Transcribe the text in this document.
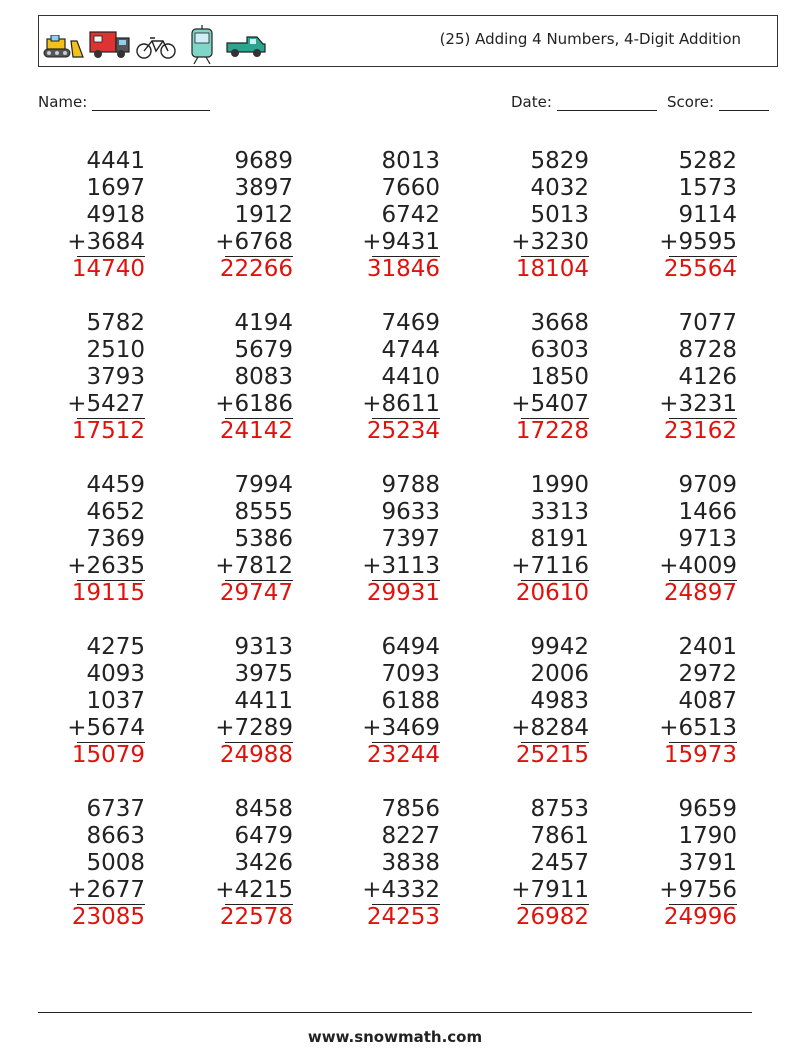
(25) Adding 4 Numbers, 4-Digit Addition
Name:	Date:	Score:
4441
1697
4918
+3684
14740
9689
3897
1912
+6768
22266
8013
7660
6742
+9431
31846
5829
4032
5013
+3230
18104
5282
1573
9114
+9595
25564
5782
2510
3793
+5427
17512
4194
5679
8083
+6186
24142
7469
4744
4410
+8611
25234
3668
6303
1850
+5407
17228
7077
8728
4126
+3231
23162
4459
4652
7369
+2635
19115
7994
8555
5386
+7812
29747
9788
9633
7397
+3113
29931
1990
3313
8191
+7116
20610
9709
1466
9713
+4009
24897
4275
4093
1037
+5674
15079
9313
3975
4411
+7289
24988
6494
7093
6188
+3469
23244
9942
2006
4983
+8284
25215
2401
2972
4087
+6513
15973
6737
8663
5008
+2677
23085
8458
6479
3426
+4215
22578
7856
8227
3838
+4332
24253
8753
7861
2457
+7911
26982
9659
1790
3791
+9756
24996
www.snowmath.com
